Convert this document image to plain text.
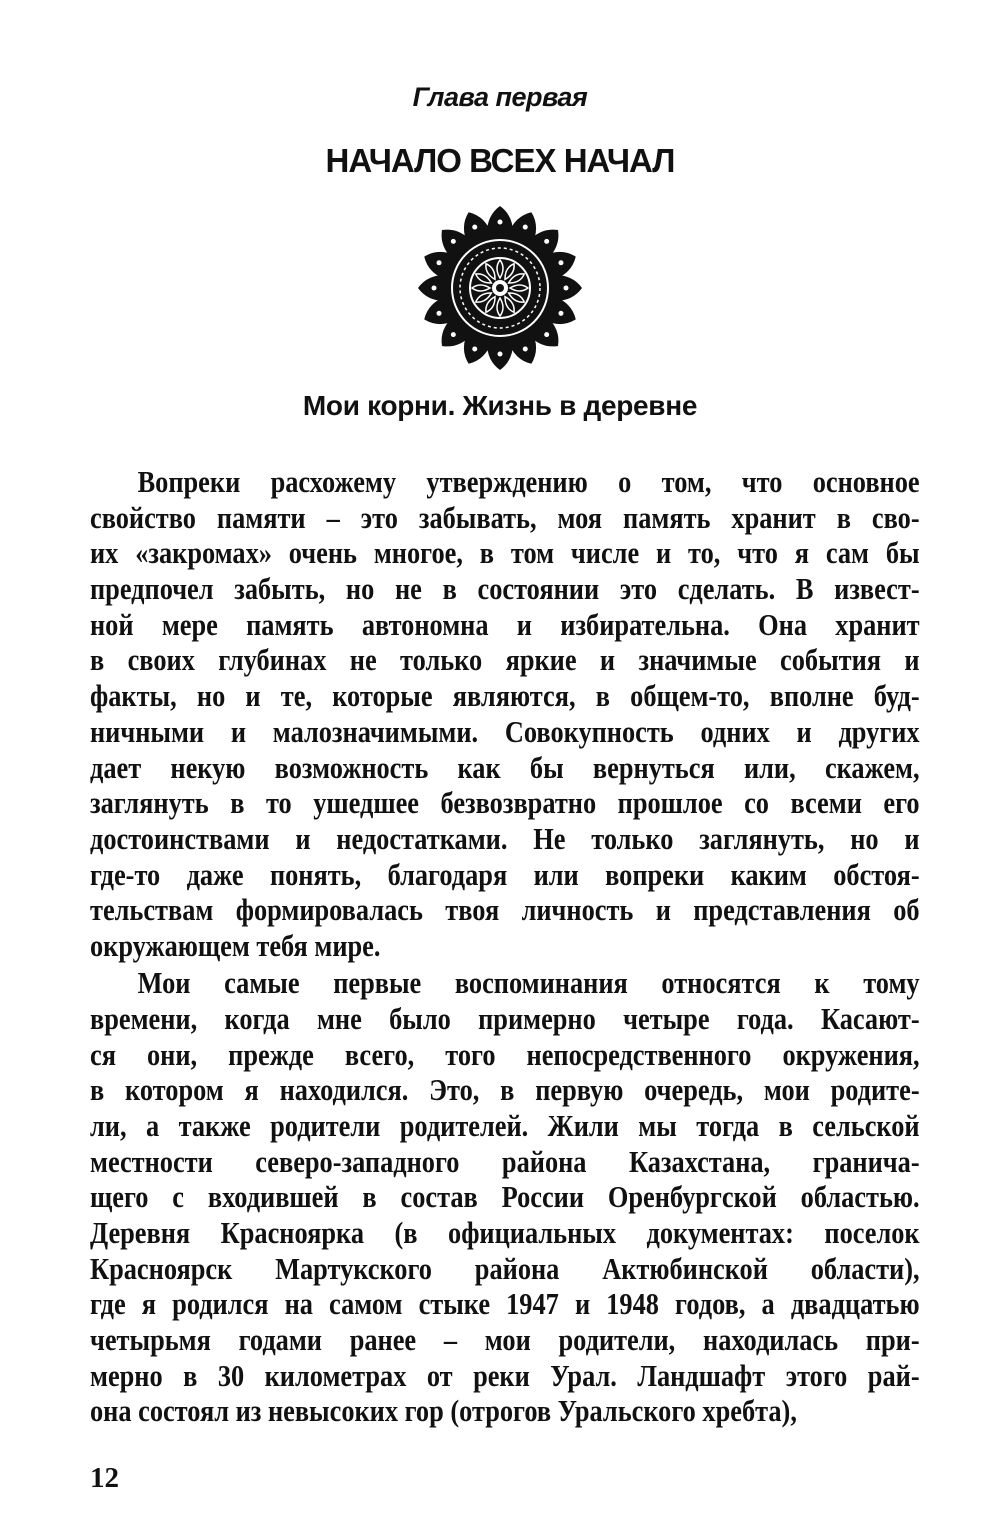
Глава первая
НАЧАЛО ВСЕХ НАЧАЛ
Мои корни. Жизнь в деревне
Вопреки расхожему утверждению о том, что основное
свойство памяти – это забывать, моя память хранит в сво-
их «закромах» очень многое, в том числе и то, что я сам бы
предпочел забыть, но не в состоянии это сделать. В извест-
ной мере память автономна и избирательна. Она хранит
в своих глубинах не только яркие и значимые события и
факты, но и те, которые являются, в общем-то, вполне буд-
ничными и малозначимыми. Совокупность одних и других
дает некую возможность как бы вернуться или, скажем,
заглянуть в то ушедшее безвозвратно прошлое со всеми его
достоинствами и недостатками. Не только заглянуть, но и
где-то даже понять, благодаря или вопреки каким обстоя-
тельствам формировалась твоя личность и представления об
окружающем тебя мире.
Мои самые первые воспоминания относятся к тому
времени, когда мне было примерно четыре года. Касают-
ся они, прежде всего, того непосредственного окружения,
в котором я находился. Это, в первую очередь, мои родите-
ли, а также родители родителей. Жили мы тогда в сельской
местности северо-западного района Казахстана, гранича-
щего с входившей в состав России Оренбургской областью.
Деревня Красноярка (в официальных документах: поселок
Красноярск Мартукского района Актюбинской области),
где я родился на самом стыке 1947 и 1948 годов, а двадцатью
четырьмя годами ранее – мои родители, находилась при-
мерно в 30 километрах от реки Урал. Ландшафт этого рай-
она состоял из невысоких гор (отрогов Уральского хребта),
12
